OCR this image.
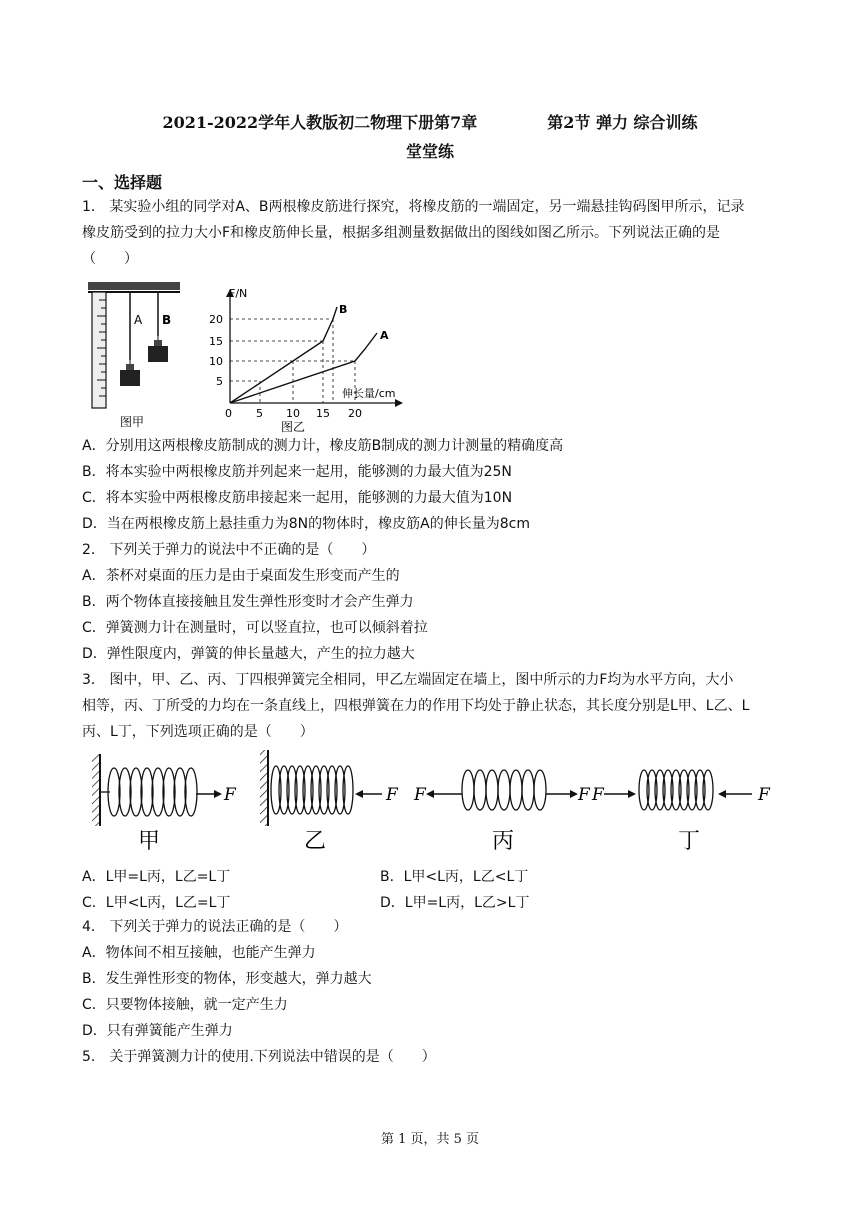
2021-2022学年人教版初二物理下册第7章	第2节 弹力 综合训练
堂堂练
一、选择题
1． 某实验小组的同学对A、B两根橡皮筋进行探究，将橡皮筋的一端固定，另一端悬挂钩码图甲所示，记录
橡皮筋受到的拉力大小F和橡皮筋伸长量，根据多组测量数据做出的图线如图乙所示。下列说法正确的是
（　　）
A B
图甲
F/N
20
15
10
5
0 5 10 15 20
B
A
伸长量/cm
图乙
A．分别用这两根橡皮筋制成的测力计，橡皮筋B制成的测力计测量的精确度高
B．将本实验中两根橡皮筋并列起来一起用，能够测的力最大值为25N
C．将本实验中两根橡皮筋串接起来一起用，能够测的力最大值为10N
D．当在两根橡皮筋上悬挂重力为8N的物体时，橡皮筋A的伸长量为8cm
2． 下列关于弹力的说法中不正确的是（　　）
A．茶杯对桌面的压力是由于桌面发生形变而产生的
B．两个物体直接接触且发生弹性形变时才会产生弹力
C．弹簧测力计在测量时，可以竖直拉，也可以倾斜着拉
D．弹性限度内，弹簧的伸长量越大，产生的拉力越大
3． 图中，甲、乙、丙、丁四根弹簧完全相同，甲乙左端固定在墙上，图中所示的力F均为水平方向，大小
相等，丙、丁所受的力均在一条直线上，四根弹簧在力的作用下均处于静止状态，其长度分别是L甲、L乙、L
丙、L丁，下列选项正确的是（　　）
F
甲
F
乙
F	F
丙
F	F
丁
A．L甲=L丙，L乙=L丁	B．L甲<L丙，L乙<L丁
C．L甲<L丙，L乙=L丁	D．L甲=L丙，L乙>L丁
4． 下列关于弹力的说法正确的是（　　）
A．物体间不相互接触，也能产生弹力
B．发生弹性形变的物体，形变越大，弹力越大
C．只要物体接触，就一定产生力
D．只有弹簧能产生弹力
5． 关于弹簧测力计的使用.下列说法中错误的是（　　）
第 1 页，共 5 页
